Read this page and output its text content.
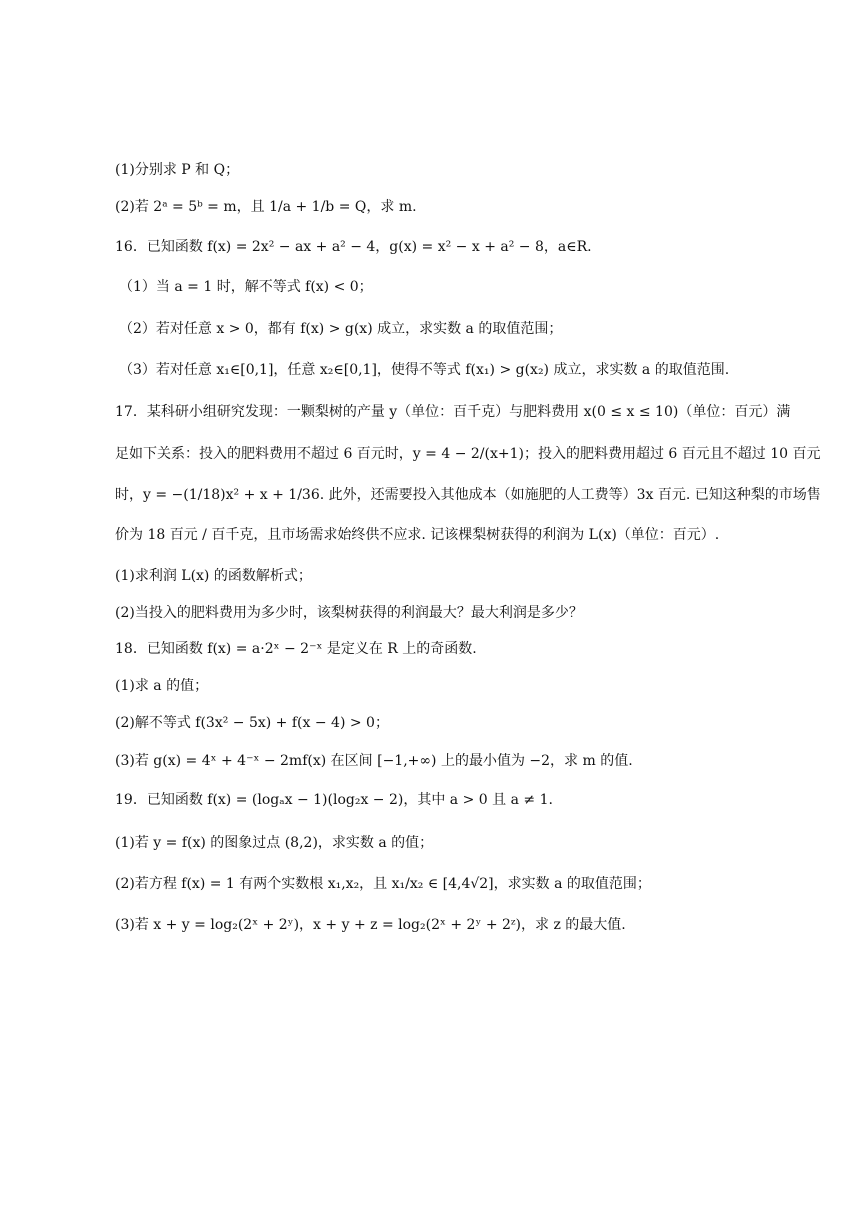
(1)分别求 P 和 Q；
(2)若 2ᵃ = 5ᵇ = m，且 1/a + 1/b = Q，求 m.
16．已知函数 f(x) = 2x² − ax + a² − 4，g(x) = x² − x + a² − 8，a∈R.
（1）当 a = 1 时，解不等式 f(x) < 0；
（2）若对任意 x > 0，都有 f(x) > g(x) 成立，求实数 a 的取值范围；
（3）若对任意 x₁∈[0,1]，任意 x₂∈[0,1]，使得不等式 f(x₁) > g(x₂) 成立，求实数 a 的取值范围.
17．某科研小组研究发现：一颗梨树的产量 y（单位：百千克）与肥料费用 x(0 ≤ x ≤ 10)（单位：百元）满
足如下关系：投入的肥料费用不超过 6 百元时，y = 4 − 2/(x+1)；投入的肥料费用超过 6 百元且不超过 10 百元
时，y = −(1/18)x² + x + 1/36. 此外，还需要投入其他成本（如施肥的人工费等）3x 百元. 已知这种梨的市场售
价为 18 百元 / 百千克，且市场需求始终供不应求. 记该棵梨树获得的利润为 L(x)（单位：百元）.
(1)求利润 L(x) 的函数解析式；
(2)当投入的肥料费用为多少时，该梨树获得的利润最大？最大利润是多少？
18．已知函数 f(x) = a·2ˣ − 2⁻ˣ 是定义在 R 上的奇函数.
(1)求 a 的值；
(2)解不等式 f(3x² − 5x) + f(x − 4) > 0；
(3)若 g(x) = 4ˣ + 4⁻ˣ − 2mf(x) 在区间 [−1,+∞) 上的最小值为 −2，求 m 的值.
19．已知函数 f(x) = (logₐx − 1)(log₂x − 2)，其中 a > 0 且 a ≠ 1.
(1)若 y = f(x) 的图象过点 (8,2)，求实数 a 的值；
(2)若方程 f(x) = 1 有两个实数根 x₁,x₂，且 x₁/x₂ ∈ [4,4√2]，求实数 a 的取值范围；
(3)若 x + y = log₂(2ˣ + 2ʸ)，x + y + z = log₂(2ˣ + 2ʸ + 2ᶻ)，求 z 的最大值.
